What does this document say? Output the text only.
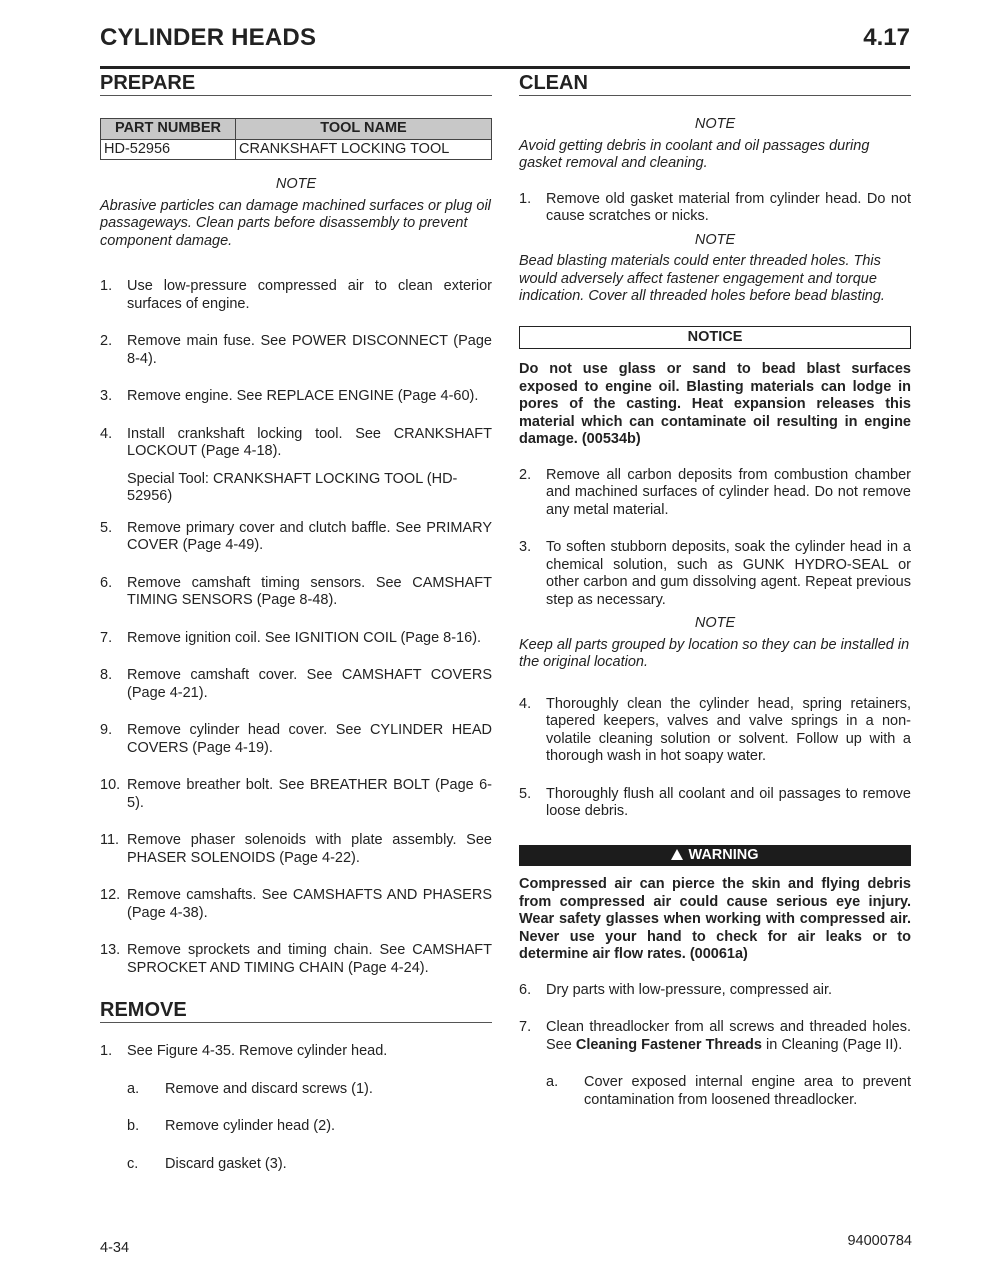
CYLINDER HEADS	4.17
PREPARE
PART NUMBER	TOOL NAME
HD-52956	CRANKSHAFT LOCKING TOOL
NOTE
Abrasive particles can damage machined surfaces or plug oil passageways. Clean parts before disassembly to prevent component damage.
1.	Use low-pressure compressed air to clean exterior surfaces of engine.
2.	Remove main fuse. See POWER DISCONNECT (Page 8-4).
3.	Remove engine. See REPLACE ENGINE (Page 4-60).
4.	Install crankshaft locking tool. See CRANKSHAFT LOCKOUT (Page 4-18).
Special Tool: CRANKSHAFT LOCKING TOOL (HD-52956)
5.	Remove primary cover and clutch baffle. See PRIMARY COVER (Page 4-49).
6.	Remove camshaft timing sensors. See CAMSHAFT TIMING SENSORS (Page 8-48).
7.	Remove ignition coil. See IGNITION COIL (Page 8-16).
8.	Remove camshaft cover. See CAMSHAFT COVERS (Page 4-21).
9.	Remove cylinder head cover. See CYLINDER HEAD COVERS (Page 4-19).
10. Remove breather bolt. See BREATHER BOLT (Page 6-5).
11. Remove phaser solenoids with plate assembly. See PHASER SOLENOIDS (Page 4-22).
12. Remove camshafts. See CAMSHAFTS AND PHASERS (Page 4-38).
13. Remove sprockets and timing chain. See CAMSHAFT SPROCKET AND TIMING CHAIN (Page 4-24).
REMOVE
1.	See Figure 4-35. Remove cylinder head.
a.	Remove and discard screws (1).
b.	Remove cylinder head (2).
c.	Discard gasket (3).
CLEAN
NOTE
Avoid getting debris in coolant and oil passages during gasket removal and cleaning.
1.	Remove old gasket material from cylinder head. Do not cause scratches or nicks.
NOTE
Bead blasting materials could enter threaded holes. This would adversely affect fastener engagement and torque indication. Cover all threaded holes before bead blasting.
NOTICE
Do not use glass or sand to bead blast surfaces exposed to engine oil. Blasting materials can lodge in pores of the casting. Heat expansion releases this material which can contaminate oil resulting in engine damage. (00534b)
2.	Remove all carbon deposits from combustion chamber and machined surfaces of cylinder head. Do not remove any metal material.
3.	To soften stubborn deposits, soak the cylinder head in a chemical solution, such as GUNK HYDRO-SEAL or other carbon and gum dissolving agent. Repeat previous step as necessary.
NOTE
Keep all parts grouped by location so they can be installed in the original location.
4.	Thoroughly clean the cylinder head, spring retainers, tapered keepers, valves and valve springs in a non-volatile cleaning solution or solvent. Follow up with a thorough wash in hot soapy water.
5.	Thoroughly flush all coolant and oil passages to remove loose debris.
WARNING
Compressed air can pierce the skin and flying debris from compressed air could cause serious eye injury. Wear safety glasses when working with compressed air. Never use your hand to check for air leaks or to determine air flow rates. (00061a)
6.	Dry parts with low-pressure, compressed air.
7.	Clean threadlocker from all screws and threaded holes. See Cleaning Fastener Threads in Cleaning (Page II).
a.	Cover exposed internal engine area to prevent contamination from loosened threadlocker.
4-34	94000784
